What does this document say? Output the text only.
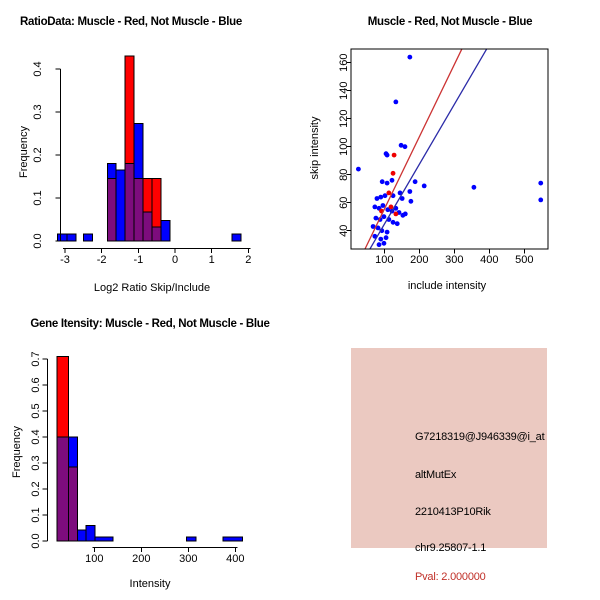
-3 -2 -1	0	1	2
0.0
0.1
0.2
0.3
0.4
RatioData: Muscle - Red, Not Muscle - Blue
Log2 Ratio Skip/Include
Frequency
100 200 300 400 500
40
60
80
100
120
140
160
Muscle - Red, Not Muscle - Blue
include intensity
skip intensity
100	200	300	400
0.0
0.1
0.2
0.3
0.4
0.5
0.6
0.7
Gene Itensity: Muscle - Red, Not Muscle - Blue
Intensity
Frequency	G7218319@J946339@i_at
altMutEx
2210413P10Rik
chr9.25807-1.1
Pval: 2.000000
